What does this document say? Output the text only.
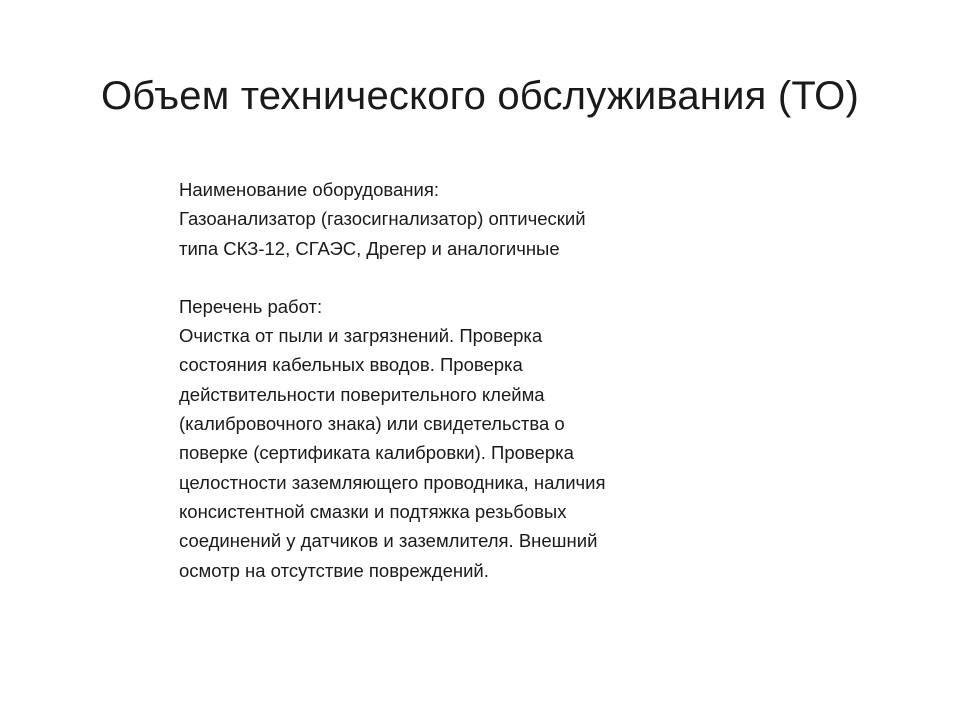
Объем технического обслуживания (ТО)

Наименование оборудования:

Газоанализатор (газосигнализатор) оптический

типа СКЗ-12, СГАЭС, Дрегер и аналогичные

Перечень работ:

Очистка от пыли и загрязнений. Проверка

состояния кабельных вводов. Проверка

действительности поверительного клейма

(калибровочного знака) или свидетельства о

поверке (сертификата калибровки). Проверка

целостности заземляющего проводника, наличия

консистентной смазки и подтяжка резьбовых

соединений у датчиков и заземлителя. Внешний

осмотр на отсутствие повреждений.
